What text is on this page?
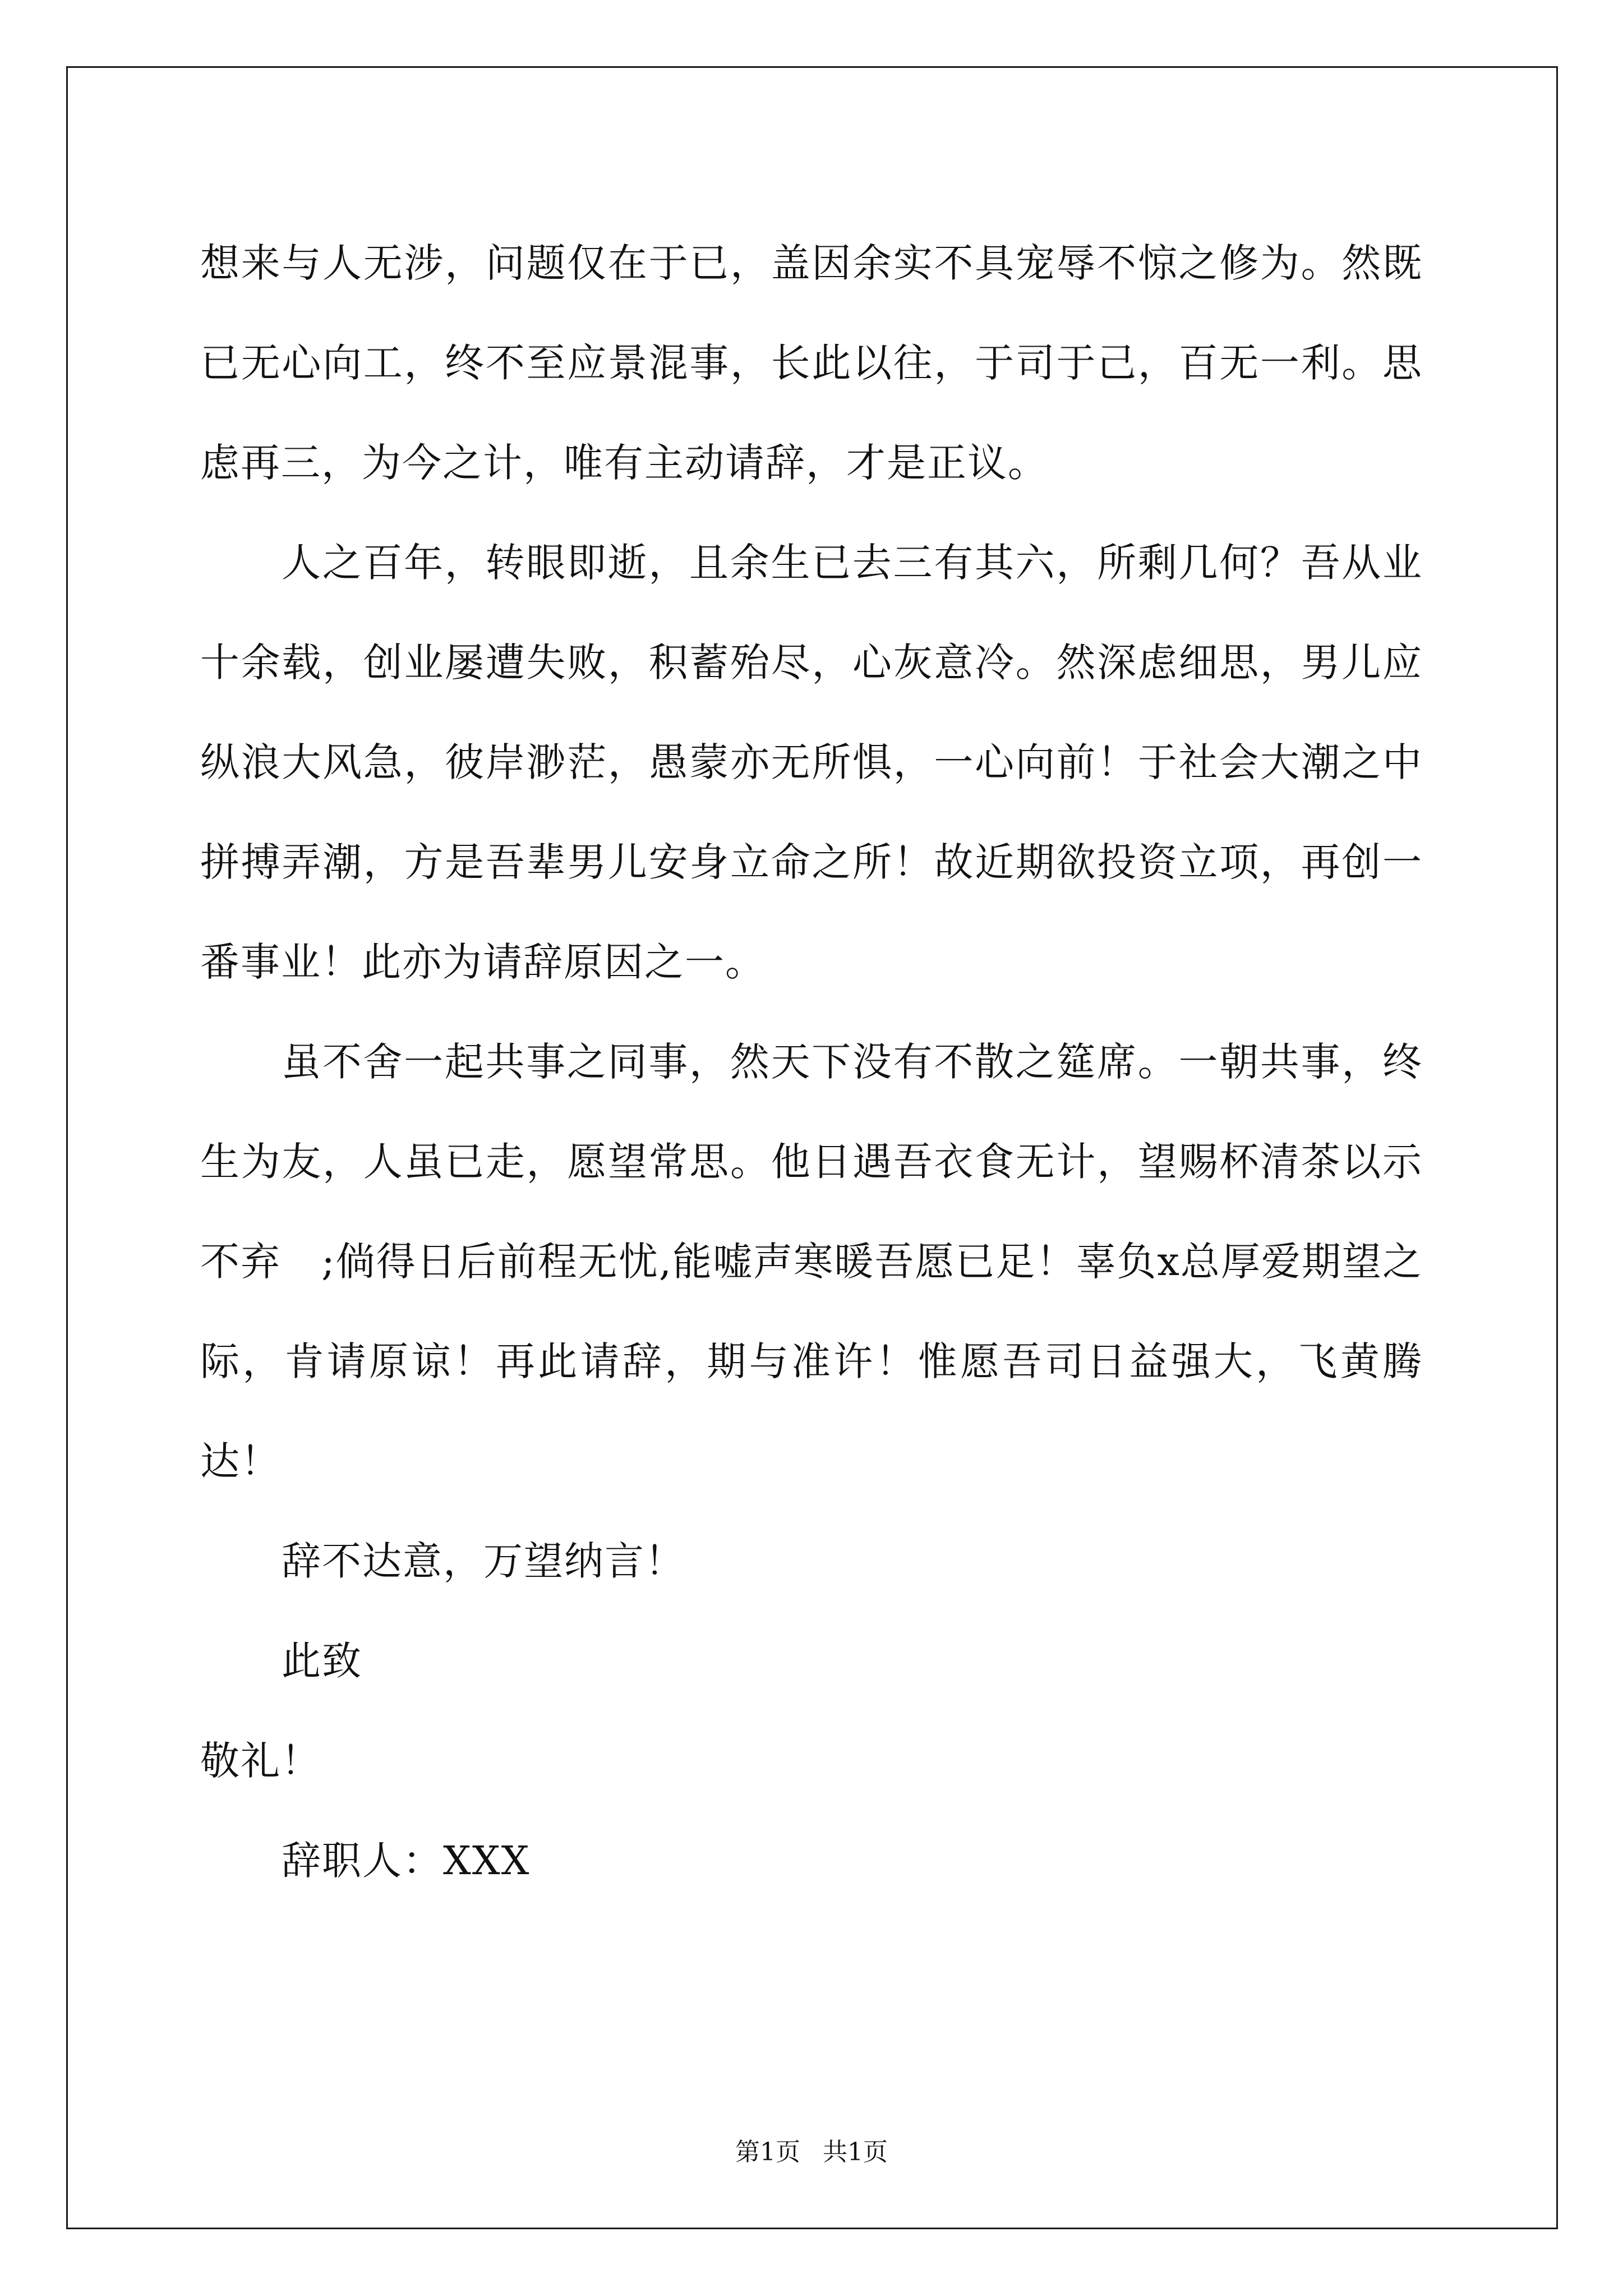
想来与人无涉，问题仅在于已，盖因余实不具宠辱不惊之修为。然既已无心向工，终不至应景混事，长此以往，于司于己，百无一利。思虑再三，为今之计，唯有主动请辞，才是正议。

人之百年，转眼即逝，且余生已去三有其六，所剩几何？吾从业十余载，创业屡遭失败，积蓄殆尽，心灰意冷。然深虑细思，男儿应纵浪大风急，彼岸渺茫，愚蒙亦无所惧，一心向前！于社会大潮之中拼搏弄潮，方是吾辈男儿安身立命之所！故近期欲投资立项，再创一番事业！此亦为请辞原因之一。

虽不舍一起共事之同事，然天下没有不散之筵席。一朝共事，终生为友，人虽已走，愿望常思。他日遇吾衣食无计，望赐杯清茶以示不弃　;倘得日后前程无忧,能嘘声寒暖吾愿已足！辜负x总厚爱期望之际，肯请原谅！再此请辞，期与准许！惟愿吾司日益强大，飞黄腾达！

辞不达意，万望纳言！

此致

敬礼！

辞职人：XXX

第1页 共1页
